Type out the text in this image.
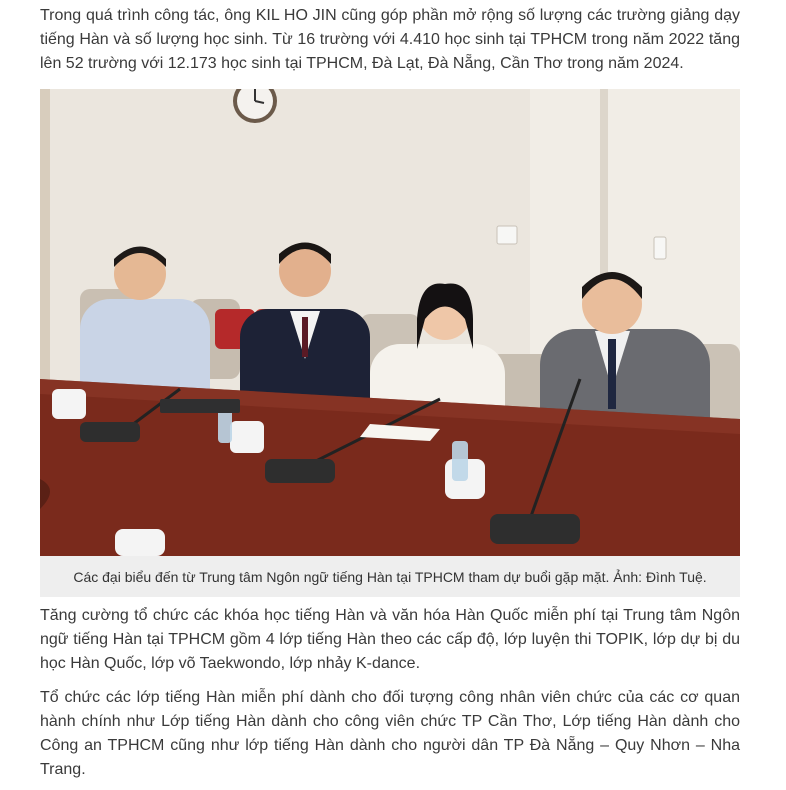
Trong quá trình công tác, ông KIL HO JIN cũng góp phần mở rộng số lượng các trường giảng dạy tiếng Hàn và số lượng học sinh. Từ 16 trường với 4.410 học sinh tại TPHCM trong năm 2022 tăng lên 52 trường với 12.173 học sinh tại TPHCM, Đà Lạt, Đà Nẵng, Cần Thơ trong năm 2024.

Các đại biểu đến từ Trung tâm Ngôn ngữ tiếng Hàn tại TPHCM tham dự buổi gặp mặt. Ảnh: Đình Tuệ.

Tăng cường tổ chức các khóa học tiếng Hàn và văn hóa Hàn Quốc miễn phí tại Trung tâm Ngôn ngữ tiếng Hàn tại TPHCM gồm 4 lớp tiếng Hàn theo các cấp độ, lớp luyện thi TOPIK, lớp dự bị du học Hàn Quốc, lớp võ Taekwondo, lớp nhảy K-dance.

Tổ chức các lớp tiếng Hàn miễn phí dành cho đối tượng công nhân viên chức của các cơ quan hành chính như Lớp tiếng Hàn dành cho công viên chức TP Cần Thơ, Lớp tiếng Hàn dành cho Công an TPHCM cũng như lớp tiếng Hàn dành cho người dân TP Đà Nẵng – Quy Nhơn – Nha Trang.
